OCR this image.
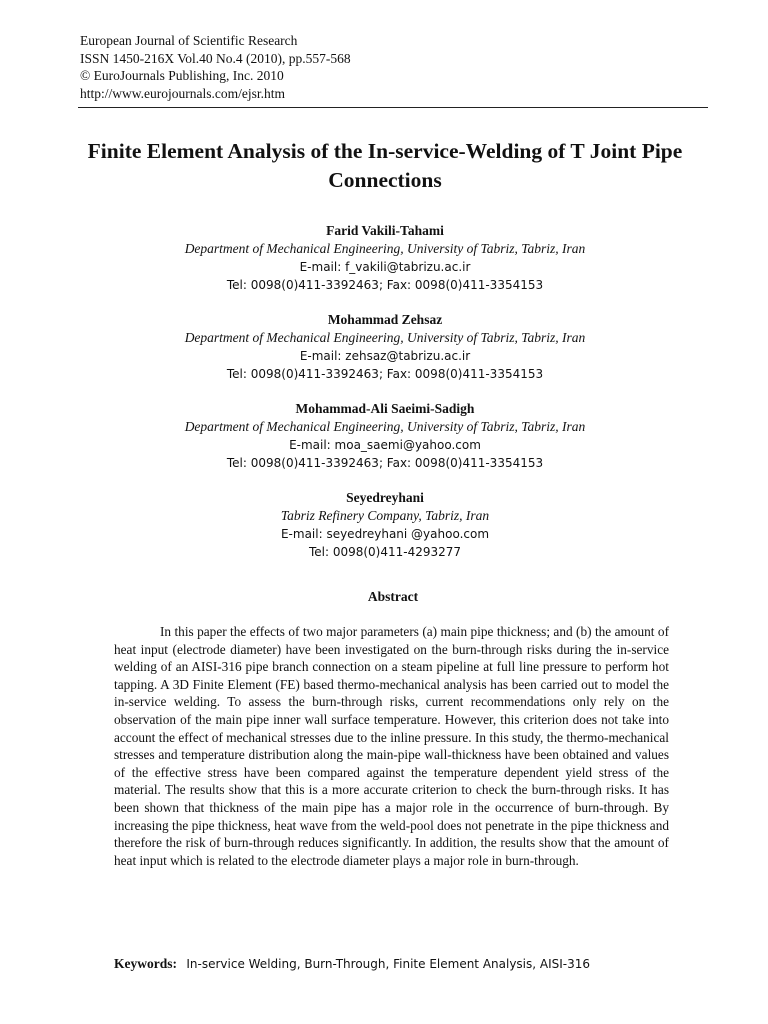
European Journal of Scientific Research
ISSN 1450-216X Vol.40 No.4 (2010), pp.557-568
© EuroJournals Publishing, Inc. 2010
http://www.eurojournals.com/ejsr.htm
Finite Element Analysis of the In-service-Welding of T Joint Pipe Connections
Farid Vakili-Tahami
Department of Mechanical Engineering, University of Tabriz, Tabriz, Iran
E-mail: f_vakili@tabrizu.ac.ir
Tel: 0098(0)411-3392463; Fax: 0098(0)411-3354153
Mohammad Zehsaz
Department of Mechanical Engineering, University of Tabriz, Tabriz, Iran
E-mail: zehsaz@tabrizu.ac.ir
Tel: 0098(0)411-3392463; Fax: 0098(0)411-3354153
Mohammad-Ali Saeimi-Sadigh
Department of Mechanical Engineering, University of Tabriz, Tabriz, Iran
E-mail: moa_saemi@yahoo.com
Tel: 0098(0)411-3392463; Fax: 0098(0)411-3354153
Seyedreyhani
Tabriz Refinery Company, Tabriz, Iran
E-mail: seyedreyhani @yahoo.com
Tel: 0098(0)411-4293277
Abstract

In this paper the effects of two major parameters (a) main pipe thickness; and (b) the amount of heat input (electrode diameter) have been investigated on the burn-through risks during the in-service welding of an AISI-316 pipe branch connection on a steam pipeline at full line pressure to perform hot tapping. A 3D Finite Element (FE) based thermo-mechanical analysis has been carried out to model the in-service welding. To assess the burn-through risks, current recommendations only rely on the observation of the main pipe inner wall surface temperature. However, this criterion does not take into account the effect of mechanical stresses due to the inline pressure. In this study, the thermo-mechanical stresses and temperature distribution along the main-pipe wall-thickness have been obtained and values of the effective stress have been compared against the temperature dependent yield stress of the material. The results show that this is a more accurate criterion to check the burn-through risks. It has been shown that thickness of the main pipe has a major role in the occurrence of burn-through. By increasing the pipe thickness, heat wave from the weld-pool does not penetrate in the pipe thickness and therefore the risk of burn-through reduces significantly. In addition, the results show that the amount of heat input which is related to the electrode diameter plays a major role in burn-through.

Keywords: In-service Welding, Burn-Through, Finite Element Analysis, AISI-316
